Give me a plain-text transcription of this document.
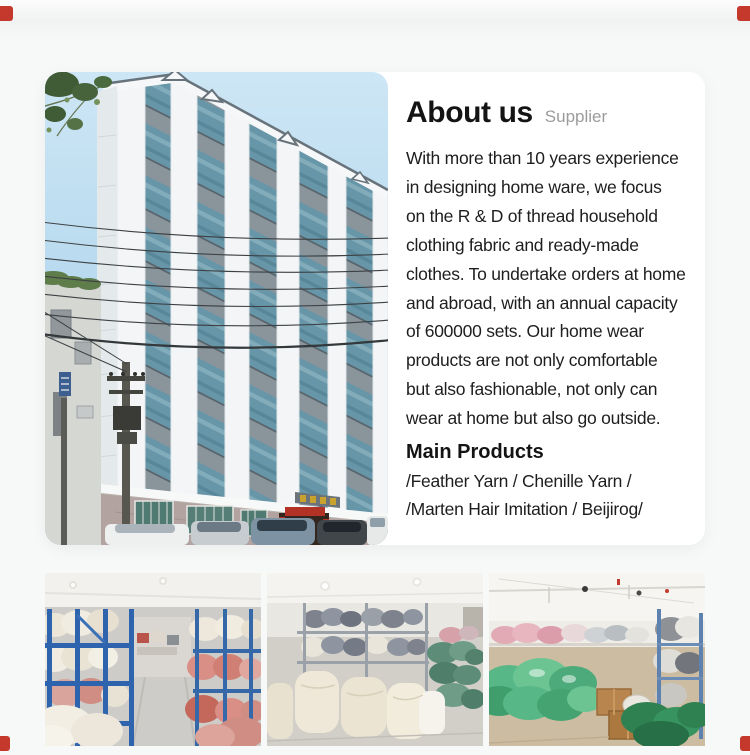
About us Supplier
With more than 10 years experience
in designing home ware, we focus
on the R & D of thread household
clothing fabric and ready-made
clothes. To undertake orders at home
and abroad, with an annual capacity
of 600000 sets. Our home wear
products are not only comfortable
but also fashionable, not only can
wear at home but also go outside.
Main Products
/Feather Yarn / Chenille Yarn /
/Marten Hair Imitation / Beijirog/
